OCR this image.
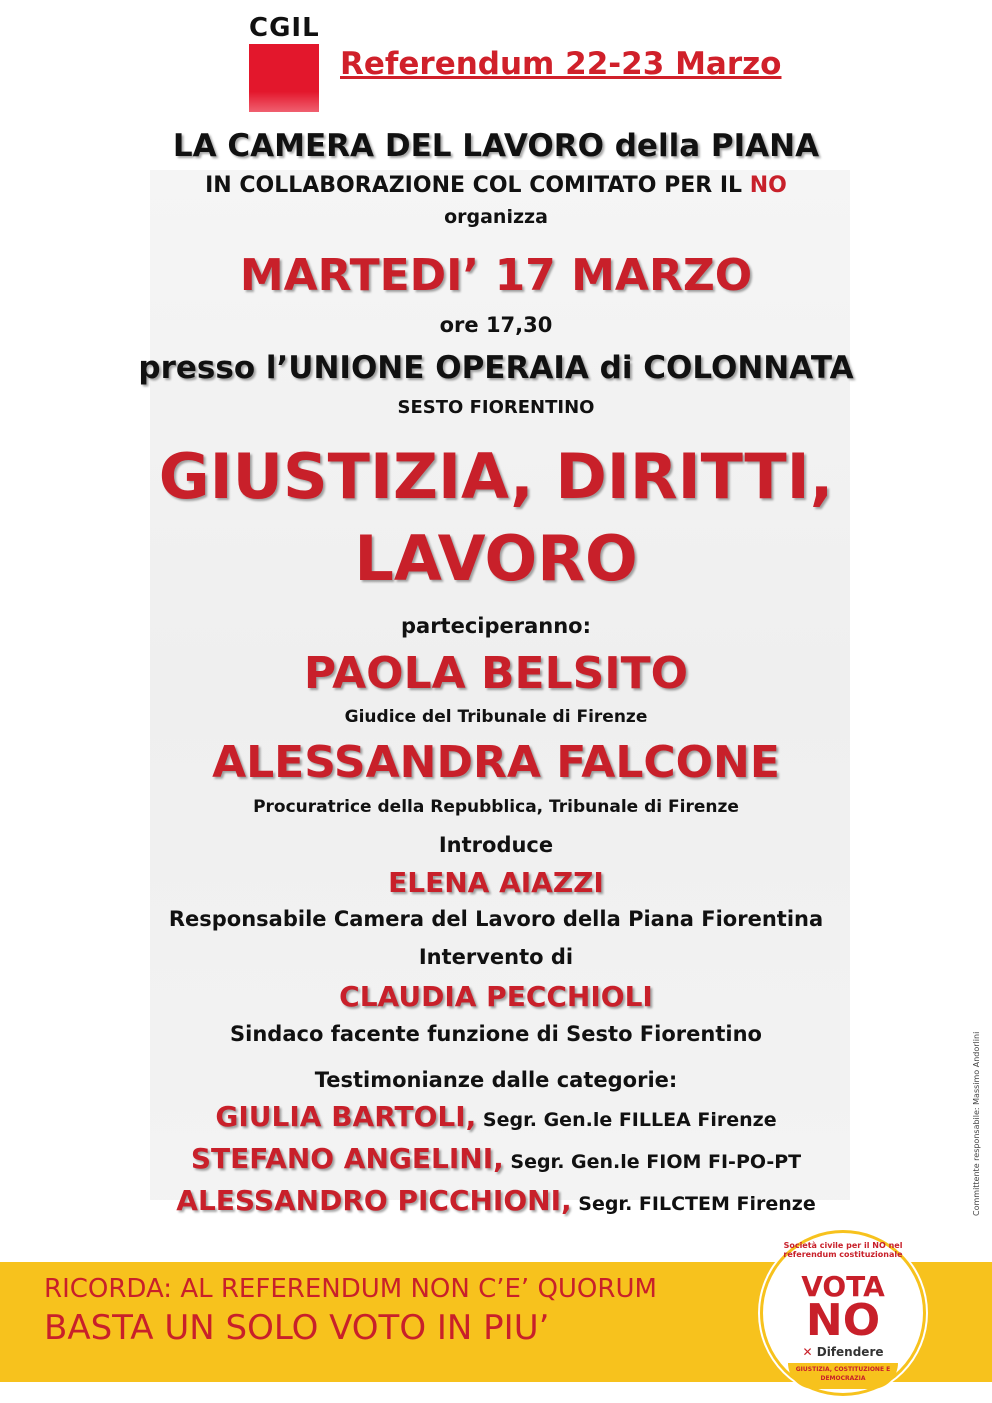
CGIL
Referendum 22-23 Marzo
LA CAMERA DEL LAVORO della PIANA
IN COLLABORAZIONE COL COMITATO PER IL NO
organizza
MARTEDI’ 17 MARZO
ore 17,30
presso l’UNIONE OPERAIA di COLONNATA
SESTO FIORENTINO
GIUSTIZIA, DIRITTI,
LAVORO
parteciperanno:
PAOLA BELSITO
Giudice del Tribunale di Firenze
ALESSANDRA FALCONE
Procuratrice della Repubblica, Tribunale di Firenze
Introduce
ELENA AIAZZI
Responsabile Camera del Lavoro della Piana Fiorentina
Intervento di
CLAUDIA PECCHIOLI
Sindaco facente funzione di Sesto Fiorentino
Testimonianze dalle categorie:
GIULIA BARTOLI, Segr. Gen.le FILLEA Firenze
STEFANO ANGELINI, Segr. Gen.le FIOM FI-PO-PT
ALESSANDRO PICCHIONI, Segr. FILCTEM Firenze	Committente responsabile: Massimo Andorlini
RICORDA: AL REFERENDUM NON C’E’ QUORUM
BASTA UN SOLO VOTO IN PIU’
Società civile per il NO nel referendum costituzionale
VOTA
NO
✕ Difendere
GIUSTIZIA, COSTITUZIONE E DEMOCRAZIA
